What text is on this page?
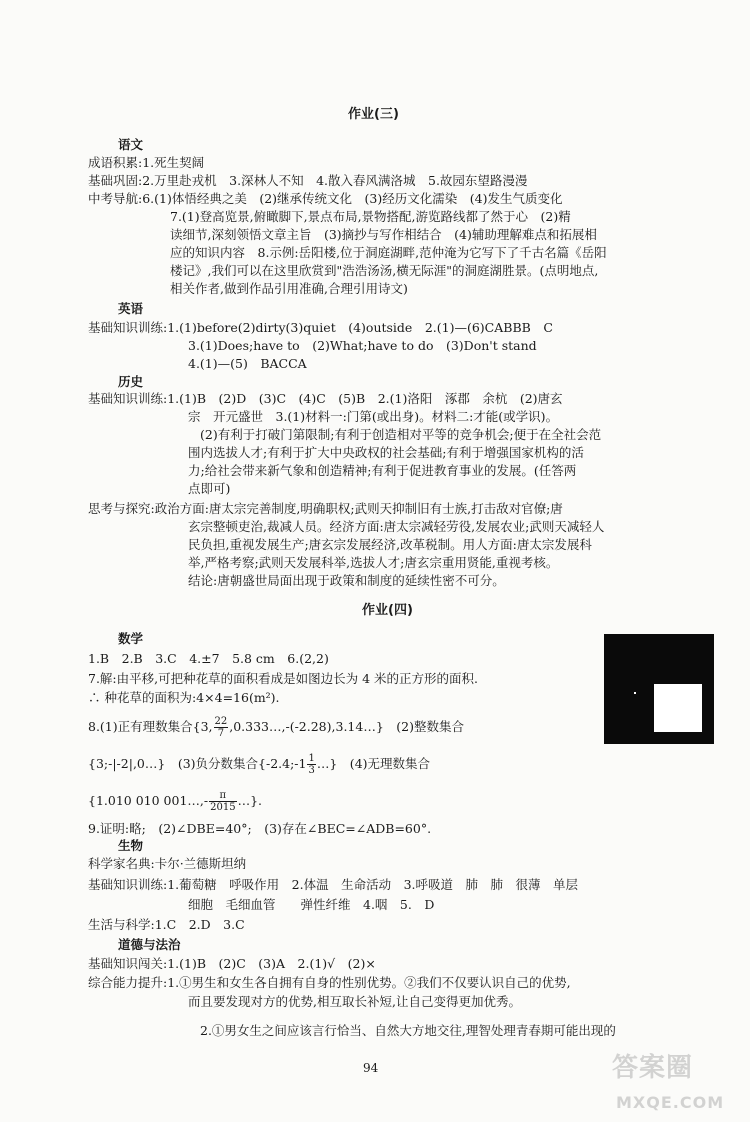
作业(三)
语文
成语积累:1.死生契阔
基础巩固:2.万里赴戎机　3.深林人不知　4.散入春风满洛城　5.故园东望路漫漫
中考导航:6.(1)体悟经典之美　(2)继承传统文化　(3)经历文化濡染　(4)发生气质变化
7.(1)登高览景,俯瞰脚下,景点布局,景物搭配,游览路线都了然于心　(2)精
读细节,深刻领悟文章主旨　(3)摘抄与写作相结合　(4)辅助理解难点和拓展相
应的知识内容　8.示例:岳阳楼,位于洞庭湖畔,范仲淹为它写下了千古名篇《岳阳
楼记》,我们可以在这里欣赏到"浩浩汤汤,横无际涯"的洞庭湖胜景。(点明地点,
相关作者,做到作品引用准确,合理引用诗文)
英语
基础知识训练:1.(1)before(2)dirty(3)quiet　(4)outside　2.(1)—(6)CABBB　C
3.(1)Does;have to　(2)What;have to do　(3)Don't stand
4.(1)—(5)　BACCA
历史
基础知识训练:1.(1)B　(2)D　(3)C　(4)C　(5)B　2.(1)洛阳　涿郡　余杭　(2)唐玄
宗　开元盛世　3.(1)材料一:门第(或出身)。材料二:才能(或学识)。
(2)有利于打破门第限制;有利于创造相对平等的竞争机会;便于在全社会范
围内选拔人才;有利于扩大中央政权的社会基础;有利于增强国家机构的活
力;给社会带来新气象和创造精神;有利于促进教育事业的发展。(任答两
点即可)
思考与探究:政治方面:唐太宗完善制度,明确职权;武则天抑制旧有士族,打击敌对官僚;唐
玄宗整顿吏治,裁减人员。经济方面:唐太宗减轻劳役,发展农业;武则天减轻人
民负担,重视发展生产;唐玄宗发展经济,改革税制。用人方面:唐太宗发展科
举,严格考察;武则天发展科举,选拔人才;唐玄宗重用贤能,重视考核。
结论:唐朝盛世局面出现于政策和制度的延续性密不可分。
作业(四)
数学
1.B　2.B　3.C　4.±7　5.8 cm　6.(2,2)
7.解:由平移,可把种花草的面积看成是如图边长为 4 米的正方形的面积.
∴ 种花草的面积为:4×4=16(m²).
8.(1)正有理数集合{3, $\frac{22}{7}$ ,0.333…,-(-2.28),3.14…}　(2)整数集合
{3;-|-2|,0…}　(3)负分数集合{-2.4;-1 $\frac{1}{3}$ …}　(4)无理数集合
{1.010 010 001…,- $\frac{\pi}{2015}$ …}.
9.证明:略;　(2)∠DBE=40°;　(3)存在∠BEC=∠ADB=60°.
生物
科学家名典:卡尔·兰德斯坦纳
基础知识训练:1.葡萄糖　呼吸作用　2.体温　生命活动　3.呼吸道　肺　肺　很薄　单层
细胞　毛细血管　　弹性纤维　4.咽　5.　D
生活与科学:1.C　2.D　3.C
道德与法治
基础知识闯关:1.(1)B　(2)C　(3)A　2.(1)√　(2)×
综合能力提升:1.①男生和女生各自拥有自身的性别优势。②我们不仅要认识自己的优势,
而且要发现对方的优势,相互取长补短,让自己变得更加优秀。
2.①男女生之间应该言行恰当、自然大方地交往,理智处理青春期可能出现的
94	答案圈
MXQE.COM
